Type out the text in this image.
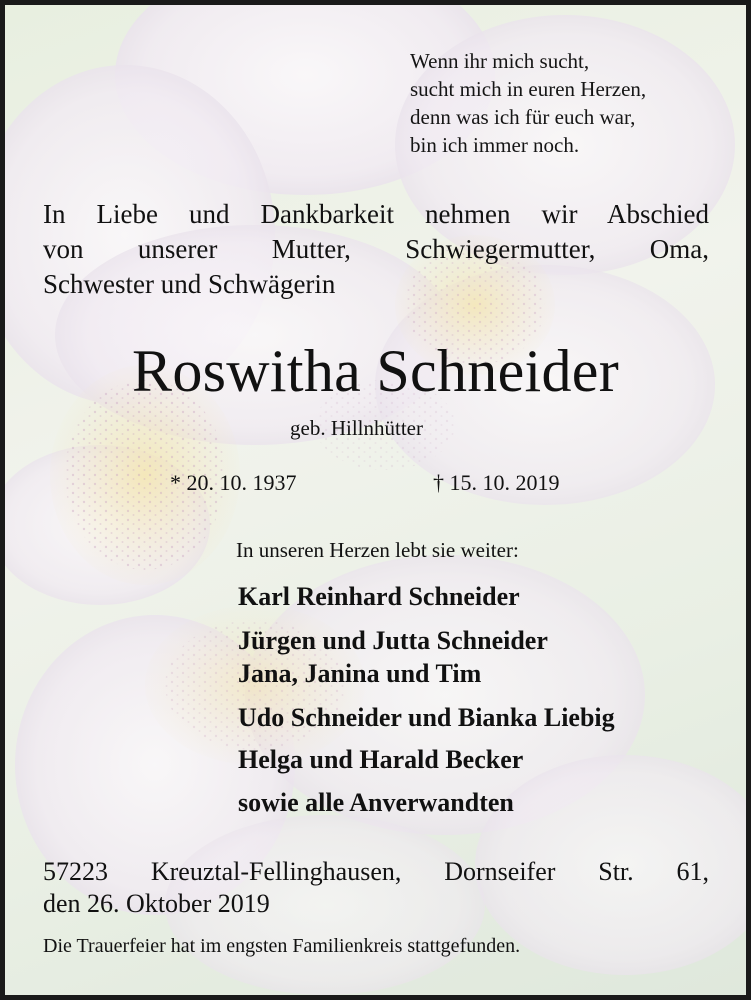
Wenn ihr mich sucht,
sucht mich in euren Herzen,
denn was ich für euch war,
bin ich immer noch.
In Liebe und Dankbarkeit nehmen wir Abschied
von unserer Mutter, Schwiegermutter, Oma,
Schwester und Schwägerin
Roswitha Schneider
geb. Hillnhütter
* 20. 10. 1937	† 15. 10. 2019
In unseren Herzen lebt sie weiter:
Karl Reinhard Schneider
Jürgen und Jutta Schneider
Jana, Janina und Tim
Udo Schneider und Bianka Liebig
Helga und Harald Becker
sowie alle Anverwandten
57223 Kreuztal-Fellinghausen, Dornseifer Str. 61,
den 26. Oktober 2019
Die Trauerfeier hat im engsten Familienkreis stattgefunden.
